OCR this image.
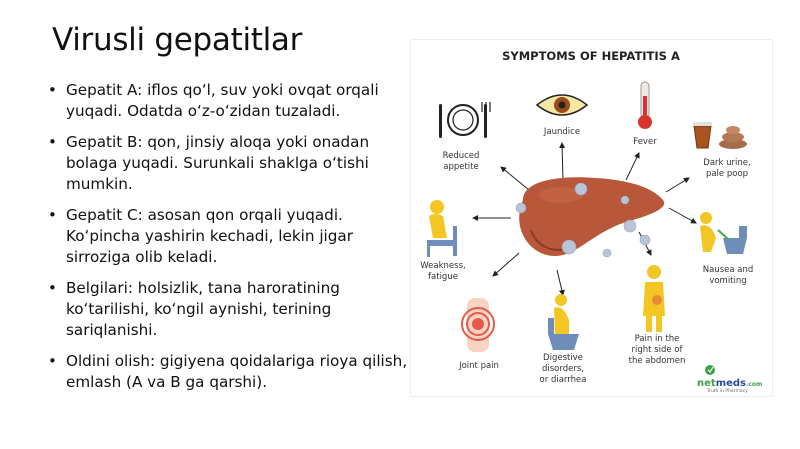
Virusli gepatitlar
• Gepatit A: iflos qoʻl, suv yoki ovqat orqali yuqadi. Odatda oʻz-oʻzidan tuzaladi.
• Gepatit B: qon, jinsiy aloqa yoki onadan bolaga yuqadi. Surunkali shaklga oʻtishi mumkin.
• Gepatit C: asosan qon orqali yuqadi. Koʻpincha yashirin kechadi, lekin jigar sirroziga olib keladi.
• Belgilari: holsizlik, tana haroratining koʻtarilishi, koʻngil aynishi, terining sariqlanishi.
• Oldini olish: gigiyena qoidalariga rioya qilish, emlash (A va B ga qarshi).
SYMPTOMS OF HEPATITIS A
Reduced
appetite
Jaundice
Fever
Dark urine,
pale poop
Weakness,
fatigue
Nausea and
vomiting
Joint pain
Digestive
disorders,
or diarrhea
Pain in the
right side of
the abdomen
netmeds.com
Truth in Pharmacy
